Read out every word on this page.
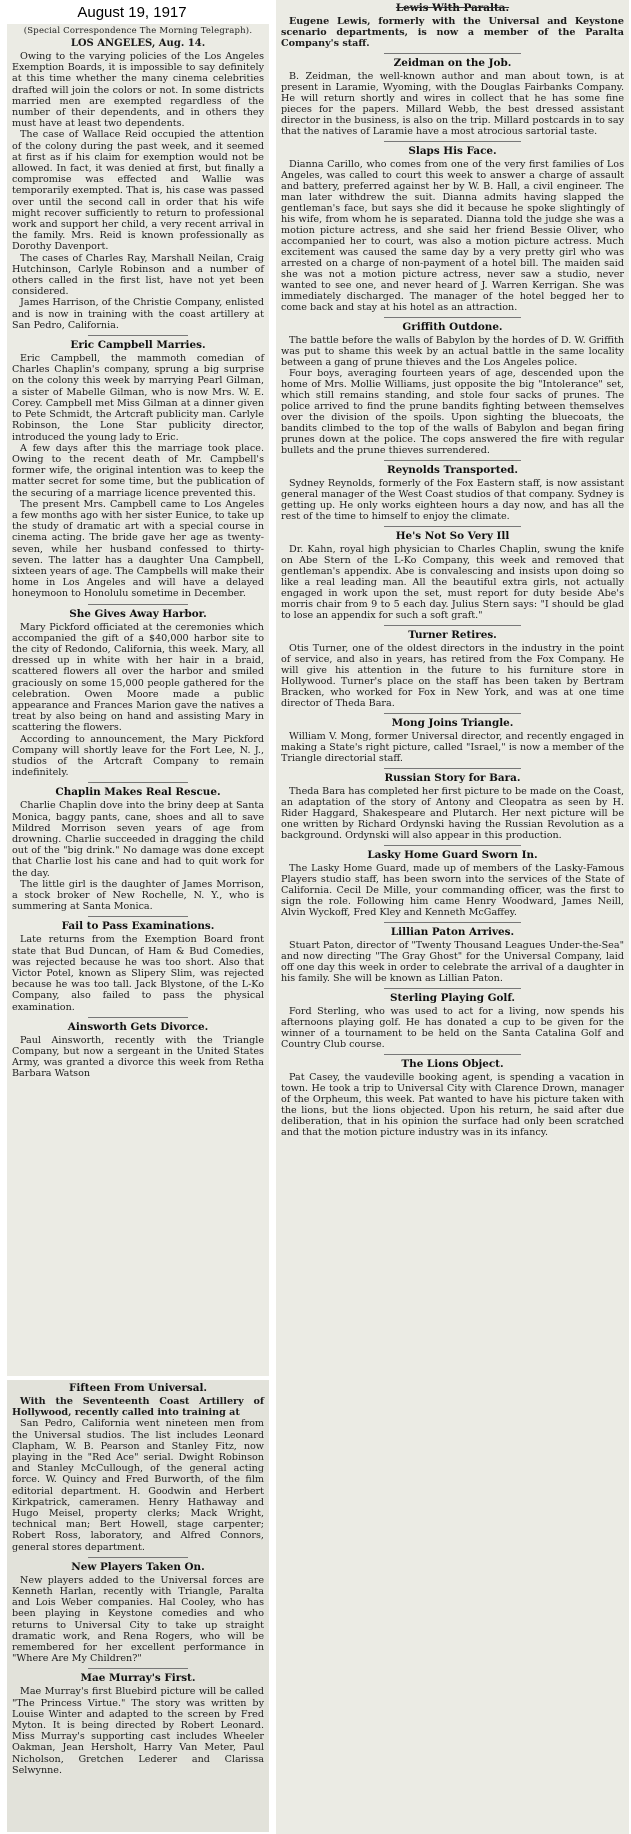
August 19, 1917
(Special Correspondence The Morning Telegraph).
LOS ANGELES, Aug. 14.

Owing to the varying policies of the Los Angeles Exemption Boards, it is impossible to say definitely at this time whether the many cinema celebrities drafted will join the colors or not. In some districts married men are exempted regardless of the number of their dependents, and in others they must have at least two dependents.

The case of Wallace Reid occupied the attention of the colony during the past week, and it seemed at first as if his claim for exemption would not be allowed. In fact, it was denied at first, but finally a compromise was effected and Wallie was temporarily exempted. That is, his case was passed over until the second call in order that his wife might recover sufficiently to return to professional work and support her child, a very recent arrival in the family. Mrs. Reid is known professionally as Dorothy Davenport.

The cases of Charles Ray, Marshall Neilan, Craig Hutchinson, Carlyle Robinson and a number of others called in the first list, have not yet been considered.

James Harrison, of the Christie Company, enlisted and is now in training with the coast artillery at San Pedro, California.

Eric Campbell Marries.

Eric Campbell, the mammoth comedian of Charles Chaplin's company, sprung a big surprise on the colony this week by marrying Pearl Gilman, a sister of Mabelle Gilman, who is now Mrs. W. E. Corey. Campbell met Miss Gilman at a dinner given to Pete Schmidt, the Artcraft publicity man. Carlyle Robinson, the Lone Star publicity director, introduced the young lady to Eric.

A few days after this the marriage took place. Owing to the recent death of Mr. Campbell's former wife, the original intention was to keep the matter secret for some time, but the publication of the securing of a marriage licence prevented this.

The present Mrs. Campbell came to Los Angeles a few months ago with her sister Eunice, to take up the study of dramatic art with a special course in cinema acting. The bride gave her age as twenty-seven, while her husband confessed to thirty-seven. The latter has a daughter Una Campbell, sixteen years of age. The Campbells will make their home in Los Angeles and will have a delayed honeymoon to Honolulu sometime in December.

She Gives Away Harbor.

Mary Pickford officiated at the ceremonies which accompanied the gift of a $40,000 harbor site to the city of Redondo, California, this week. Mary, all dressed up in white with her hair in a braid, scattered flowers all over the harbor and smiled graciously on some 15,000 people gathered for the celebration. Owen Moore made a public appearance and Frances Marion gave the natives a treat by also being on hand and assisting Mary in scattering the flowers.

According to announcement, the Mary Pickford Company will shortly leave for the Fort Lee, N. J., studios of the Artcraft Company to remain indefinitely.

Chaplin Makes Real Rescue.

Charlie Chaplin dove into the briny deep at Santa Monica, baggy pants, cane, shoes and all to save Mildred Morrison seven years of age from drowning. Charlie succeeded in dragging the child out of the "big drink." No damage was done except that Charlie lost his cane and had to quit work for the day.

The little girl is the daughter of James Morrison, a stock broker of New Rochelle, N. Y., who is summering at Santa Monica.

Fail to Pass Examinations.

Late returns from the Exemption Board front state that Bud Duncan, of Ham & Bud Comedies, was rejected because he was too short. Also that Victor Potel, known as Slipery Slim, was rejected because he was too tall. Jack Blystone, of the L-Ko Company, also failed to pass the physical examination.

Ainsworth Gets Divorce.

Paul Ainsworth, recently with the Triangle Company, but now a sergeant in the United States Army, was granted a divorce this week from Retha Barbara Watson

Fifteen From Universal.

With the Seventeenth Coast Artillery of Hollywood, recently called into training at

San Pedro, California went nineteen men from the Universal studios. The list includes Leonard Clapham, W. B. Pearson and Stanley Fitz, now playing in the "Red Ace" serial. Dwight Robinson and Stanley McCullough, of the general acting force. W. Quincy and Fred Burworth, of the film editorial department. H. Goodwin and Herbert Kirkpatrick, cameramen. Henry Hathaway and Hugo Meisel, property clerks; Mack Wright, technical man; Bert Howell, stage carpenter; Robert Ross, laboratory, and Alfred Connors, general stores department.

New Players Taken On.

New players added to the Universal forces are Kenneth Harlan, recently with Triangle, Paralta and Lois Weber companies. Hal Cooley, who has been playing in Keystone comedies and who returns to Universal City to take up straight dramatic work, and Rena Rogers, who will be remembered for her excellent performance in "Where Are My Children?"

Mae Murray's First.

Mae Murray's first Bluebird picture will be called "The Princess Virtue." The story was written by Louise Winter and adapted to the screen by Fred Myton. It is being directed by Robert Leonard. Miss Murray's supporting cast includes Wheeler Oakman, Jean Hersholt, Harry Van Meter, Paul Nicholson, Gretchen Lederer and Clarissa Selwynne.

Lewis With Paralta.

Eugene Lewis, formerly with the Universal and Keystone scenario departments, is now a member of the Paralta Company's staff.

Zeidman on the Job.

B. Zeidman, the well-known author and man about town, is at present in Laramie, Wyoming, with the Douglas Fairbanks Company. He will return shortly and wires in collect that he has some fine pieces for the papers. Millard Webb, the best dressed assistant director in the business, is also on the trip. Millard postcards in to say that the natives of Laramie have a most atrocious sartorial taste.

Slaps His Face.

Dianna Carillo, who comes from one of the very first families of Los Angeles, was called to court this week to answer a charge of assault and battery, preferred against her by W. B. Hall, a civil engineer. The man later withdrew the suit. Dianna admits having slapped the gentleman's face, but says she did it because he spoke slightingly of his wife, from whom he is separated. Dianna told the judge she was a motion picture actress, and she said her friend Bessie Oliver, who accompanied her to court, was also a motion picture actress. Much excitement was caused the same day by a very pretty girl who was arrested on a charge of non-payment of a hotel bill. The maiden said she was not a motion picture actress, never saw a studio, never wanted to see one, and never heard of J. Warren Kerrigan. She was immediately discharged. The manager of the hotel begged her to come back and stay at his hotel as an attraction.

Griffith Outdone.

The battle before the walls of Babylon by the hordes of D. W. Griffith was put to shame this week by an actual battle in the same locality between a gang of prune thieves and the Los Angeles police.

Four boys, averaging fourteen years of age, descended upon the home of Mrs. Mollie Williams, just opposite the big "Intolerance" set, which still remains standing, and stole four sacks of prunes. The police arrived to find the prune bandits fighting between themselves over the division of the spoils. Upon sighting the bluecoats, the bandits climbed to the top of the walls of Babylon and began firing prunes down at the police. The cops answered the fire with regular bullets and the prune thieves surrendered.

Reynolds Transported.

Sydney Reynolds, formerly of the Fox Eastern staff, is now assistant general manager of the West Coast studios of that company. Sydney is getting up. He only works eighteen hours a day now, and has all the rest of the time to himself to enjoy the climate.

He's Not So Very Ill

Dr. Kahn, royal high physician to Charles Chaplin, swung the knife on Abe Stern of the L-Ko Company, this week and removed that gentleman's appendix. Abe is convalescing and insists upon doing so like a real leading man. All the beautiful extra girls, not actually engaged in work upon the set, must report for duty beside Abe's morris chair from 9 to 5 each day. Julius Stern says: "I should be glad to lose an appendix for such a soft graft."

Turner Retires.

Otis Turner, one of the oldest directors in the industry in the point of service, and also in years, has retired from the Fox Company. He will give his attention in the future to his furniture store in Hollywood. Turner's place on the staff has been taken by Bertram Bracken, who worked for Fox in New York, and was at one time director of Theda Bara.

Mong Joins Triangle.

William V. Mong, former Universal director, and recently engaged in making a State's right picture, called "Israel," is now a member of the Triangle directorial staff.

Russian Story for Bara.

Theda Bara has completed her first picture to be made on the Coast, an adaptation of the story of Antony and Cleopatra as seen by H. Rider Haggard, Shakespeare and Plutarch. Her next picture will be one written by Richard Ordynski having the Russian Revolution as a background. Ordynski will also appear in this production.

Lasky Home Guard Sworn In.

The Lasky Home Guard, made up of members of the Lasky-Famous Players studio staff, has been sworn into the services of the State of California. Cecil De Mille, your commanding officer, was the first to sign the role. Following him came Henry Woodward, James Neill, Alvin Wyckoff, Fred Kley and Kenneth McGaffey.

Lillian Paton Arrives.

Stuart Paton, director of "Twenty Thousand Leagues Under-the-Sea" and now directing "The Gray Ghost" for the Universal Company, laid off one day this week in order to celebrate the arrival of a daughter in his family. She will be known as Lillian Paton.

Sterling Playing Golf.

Ford Sterling, who was used to act for a living, now spends his afternoons playing golf. He has donated a cup to be given for the winner of a tournament to be held on the Santa Catalina Golf and Country Club course.

The Lions Object.

Pat Casey, the vaudeville booking agent, is spending a vacation in town. He took a trip to Universal City with Clarence Drown, manager of the Orpheum, this week. Pat wanted to have his picture taken with the lions, but the lions objected. Upon his return, he said after due deliberation, that in his opinion the surface had only been scratched and that the motion picture industry was in its infancy.
